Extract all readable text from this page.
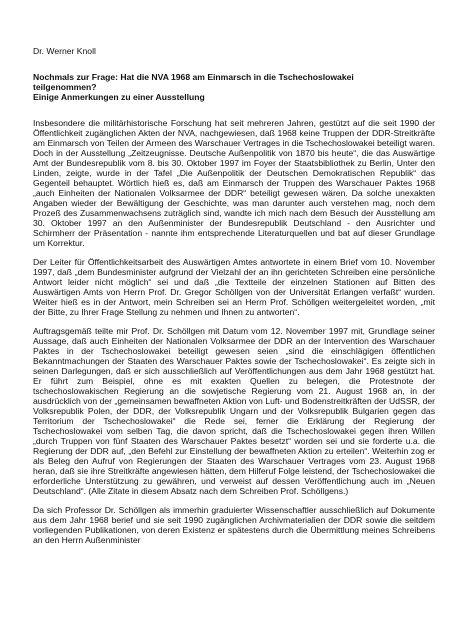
Dr. Werner Knoll
Nochmals zur Frage: Hat die NVA 1968 am Einmarsch in die Tschechoslowakei
teilgenommen?
Einige Anmerkungen zu einer Ausstellung

Insbesondere die militärhistorische Forschung hat seit mehreren Jahren, gestützt auf die seit 1990 der Öffentlichkeit zugänglichen Akten der NVA, nachgewiesen, daß 1968 keine Truppen der DDR-Streitkräfte am Einmarsch von Teilen der Armeen des Warschauer Vertrages in die Tschechoslowakei beteiligt waren. Doch in der Ausstellung „Zeitzeugnisse. Deutsche Außenpolitik von 1870 bis heute“, die das Auswärtige Amt der Bundesrepublik vom 8. bis 30. Oktober 1997 im Foyer der Staatsbibliothek zu Berlin, Unter den Linden, zeigte, wurde in der Tafel „Die Außenpolitik der Deutschen Demokratischen Republik“ das Gegenteil behauptet. Wörtlich hieß es, daß am Einmarsch der Truppen des Warschauer Paktes 1968 „auch Einheiten der Nationalen Volksarmee der DDR“ beteiligt gewesen wären. Da solche unexakten Angaben wieder der Bewältigung der Geschichte, was man darunter auch verstehen mag, noch dem Prozeß des Zusammenwachsens zuträglich sind, wandte ich mich nach dem Besuch der Ausstellung am 30. Oktober 1997 an den Außenminister der Bundesrepublik Deutschland - den Ausrichter und Schirmherr der Präsentation - nannte ihm entsprechende Literaturquellen und bat auf dieser Grundlage um Korrektur.

Der Leiter für Öffentlichkeitsarbeit des Auswärtigen Amtes antwortete in einem Brief vom 10. November 1997, daß „dem Bundesminister aufgrund der Vielzahl der an ihn gerichteten Schreiben eine persönliche Antwort leider nicht möglich“ sei und daß „die Textteile der einzelnen Stationen auf Bitten des Auswärtigen Amts von Herrn Prof. Dr. Gregor Schöllgen von der Universität Erlangen verfaßt“ wurden. Weiter hieß es in der Antwort, mein Schreiben sei an Herrn Prof. Schöllgen weitergeleitet worden, „mit der Bitte, zu Ihrer Frage Stellung zu nehmen und Ihnen zu antworten“.

Auftragsgemäß teilte mir Prof. Dr. Schöllgen mit Datum vom 12. November 1997 mit, Grundlage seiner Aussage, daß auch Einheiten der Nationalen Volksarmee der DDR an der Intervention des Warschauer Paktes in der Tschechoslowakei beteiligt gewesen seien „sind die einschlägigen öffentlichen Bekanntmachungen der Staaten des Warschauer Paktes sowie der Tschechoslowakei“. Es zeigte sich in seinen Darlegungen, daß er sich ausschließlich auf Veröffentlichungen aus dem Jahr 1968 gestützt hat. Er führt zum Beispiel, ohne es mit exakten Quellen zu belegen, die Protestnote der tschechoslowakischen Regierung an die sowjetische Regierung vom 21. August 1968 an, in der ausdrücklich von der „gemeinsamen bewaffneten Aktion von Luft- und Bodenstreitkräften der UdSSR, der Volksrepublik Polen, der DDR, der Volksrepublik Ungarn und der Volksrepublik Bulgarien gegen das Territorium der Tschechoslowakei“ die Rede sei, ferner die Erklärung der Regierung der Tschechoslowakei vom selben Tag, die davon spricht, daß die Tschechoslowakei gegen ihren Willen „durch Truppen von fünf Staaten des Warschauer Paktes besetzt“ worden sei und sie forderte u.a. die Regierung der DDR auf, „den Befehl zur Einstellung der bewaffneten Aktion zu erteilen“. Weiterhin zog er als Beleg den Aufruf von Regierungen der Staaten des Warschauer Vertrages vom 23. August 1968 heran, daß sie ihre Streitkräfte angewiesen hätten, dem Hilferuf Folge leistend, der Tschechoslowakei die erforderliche Unterstützung zu gewähren, und verweist auf dessen Veröffentlichung auch im „Neuen Deutschland“. (Alle Zitate in diesem Absatz nach dem Schreiben Prof. Schöllgens.)

Da sich Professor Dr. Schöllgen als immerhin graduierter Wissenschaftler ausschließlich auf Dokumente aus dem Jahr 1968 berief und sie seit 1990 zugänglichen Archivmaterialien der DDR sowie die seitdem vorliegenden Publikationen, von deren Existenz er spätestens durch die Übermittlung meines Schreibens an den Herrn Außenminister
